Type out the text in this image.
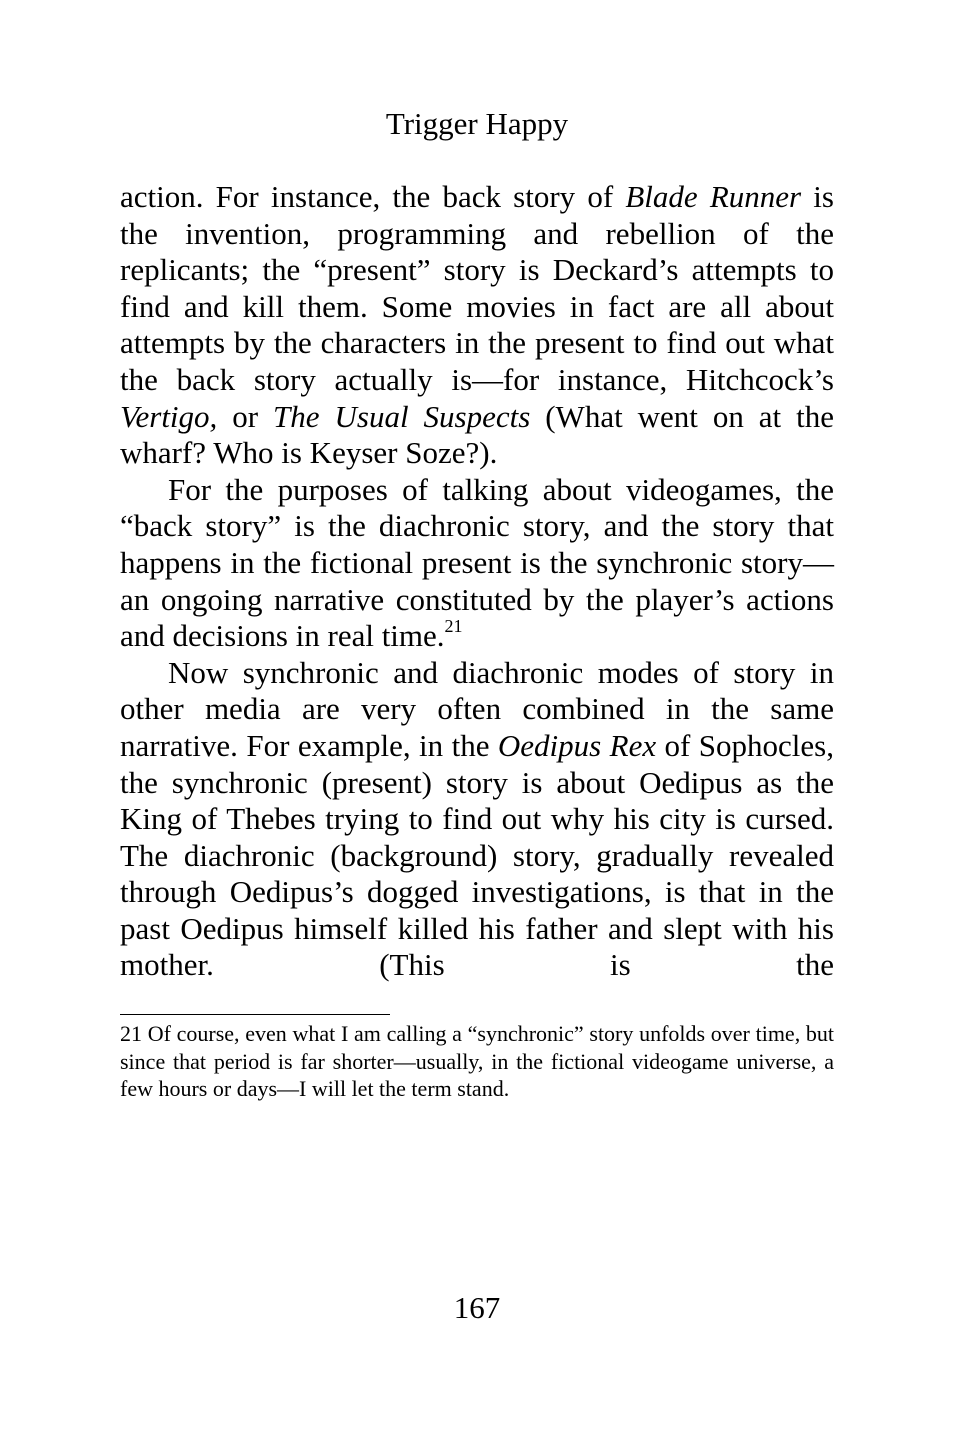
Trigger Happy

action. For instance, the back story of Blade Runner is the invention, programming and rebellion of the replicants; the “present” story is Deckard’s attempts to find and kill them. Some movies in fact are all about attempts by the characters in the present to find out what the back story actually is—for instance, Hitchcock’s Vertigo, or The Usual Suspects (What went on at the wharf? Who is Keyser Soze?).

For the purposes of talking about videogames, the “back story” is the diachronic story, and the story that happens in the fictional present is the synchronic story—an ongoing narrative constituted by the player’s actions and decisions in real time.$^{21}$

Now synchronic and diachronic modes of story in other media are very often combined in the same narrative. For example, in the Oedipus Rex of Sophocles, the synchronic (present) story is about Oedipus as the King of Thebes trying to find out why his city is cursed. The diachronic (background) story, gradually revealed through Oedipus’s dogged investigations, is that in the past Oedipus himself killed his father and slept with his mother. (This is the

21 Of course, even what I am calling a “synchronic” story unfolds over time, but since that period is far shorter—usually, in the fictional videogame universe, a few hours or days—I will let the term stand.
167
